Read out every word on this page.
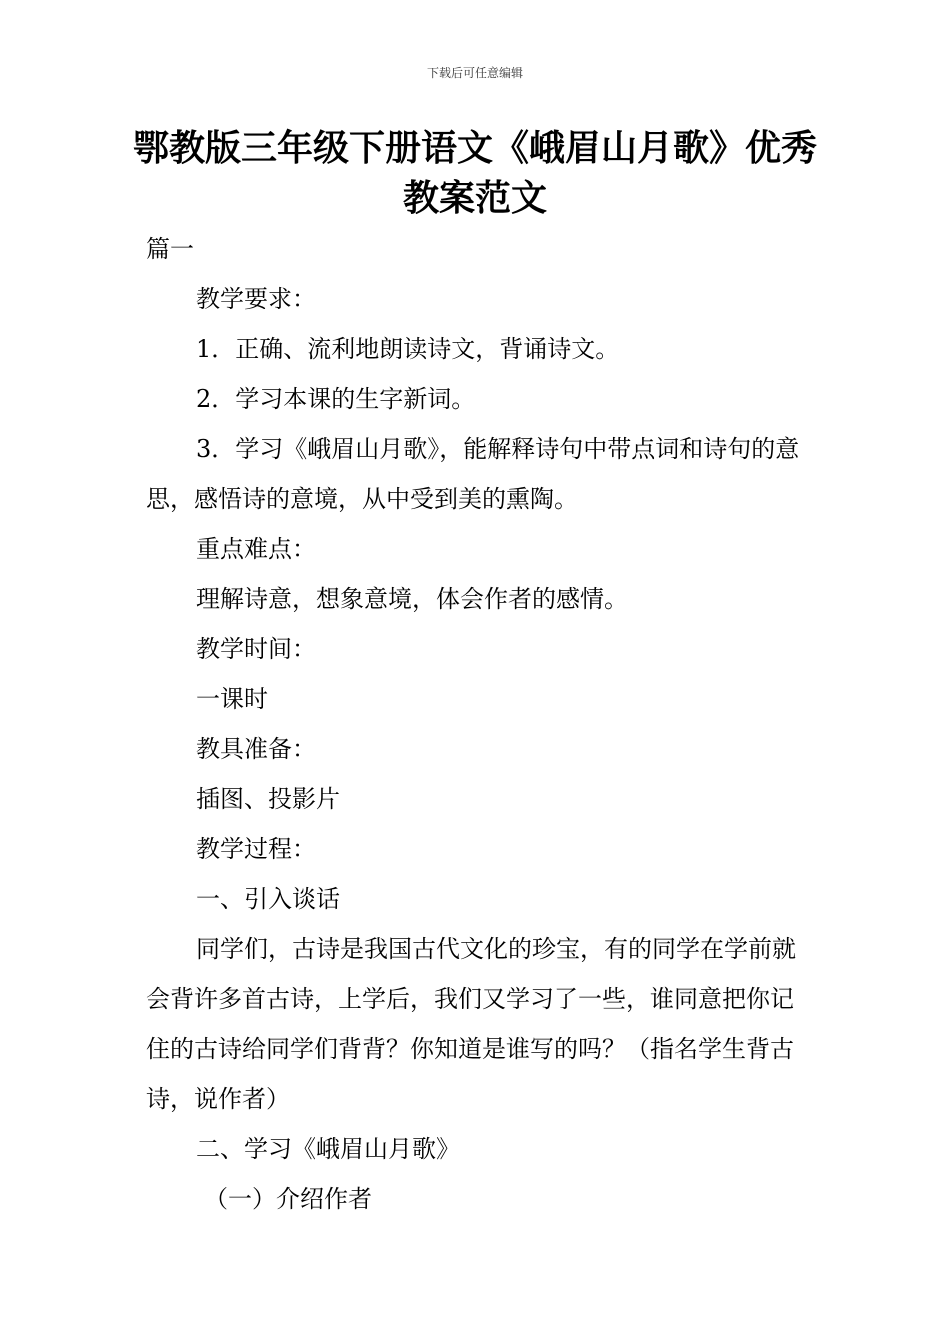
下载后可任意编辑
鄂教版三年级下册语文《峨眉山月歌》优秀教案范文

篇一

教学要求：

1．正确、流利地朗读诗文，背诵诗文。

2．学习本课的生字新词。

3．学习《峨眉山月歌》，能解释诗句中带点词和诗句的意思，感悟诗的意境，从中受到美的熏陶。

重点难点：

理解诗意，想象意境，体会作者的感情。

教学时间：

一课时

教具准备：

插图、投影片

教学过程：

一、引入谈话

同学们，古诗是我国古代文化的珍宝，有的同学在学前就会背许多首古诗，上学后，我们又学习了一些，谁同意把你记住的古诗给同学们背背？你知道是谁写的吗？（指名学生背古诗，说作者）

二、学习《峨眉山月歌》

（一）介绍作者
